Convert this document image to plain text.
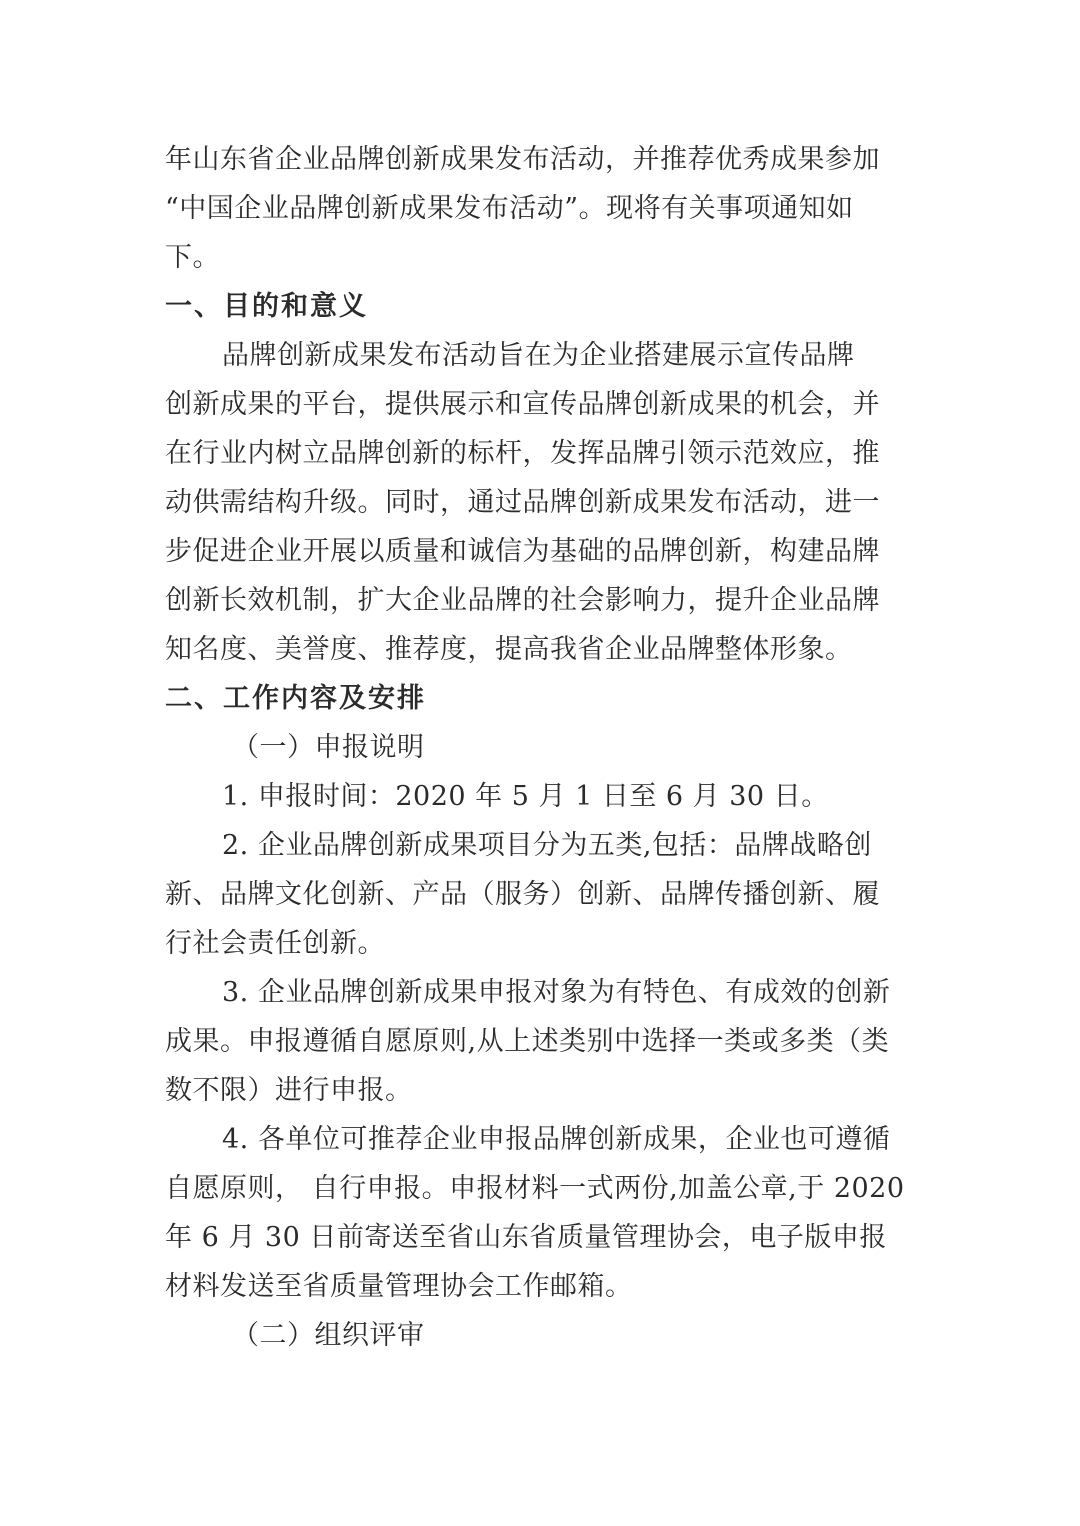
年山东省企业品牌创新成果发布活动，并推荐优秀成果参加
“中国企业品牌创新成果发布活动”。现将有关事项通知如
下。
一、目的和意义
品牌创新成果发布活动旨在为企业搭建展示宣传品牌
创新成果的平台，提供展示和宣传品牌创新成果的机会，并
在行业内树立品牌创新的标杆，发挥品牌引领示范效应，推
动供需结构升级。同时，通过品牌创新成果发布活动，进一
步促进企业开展以质量和诚信为基础的品牌创新，构建品牌
创新长效机制，扩大企业品牌的社会影响力，提升企业品牌
知名度、美誉度、推荐度，提高我省企业品牌整体形象。
二、工作内容及安排
（一）申报说明
1. 申报时间：2020 年 5 月 1 日至 6 月 30 日。
2. 企业品牌创新成果项目分为五类,包括：品牌战略创
新、品牌文化创新、产品（服务）创新、品牌传播创新、履
行社会责任创新。
3. 企业品牌创新成果申报对象为有特色、有成效的创新
成果。申报遵循自愿原则,从上述类别中选择一类或多类（类
数不限）进行申报。
4. 各单位可推荐企业申报品牌创新成果，企业也可遵循
自愿原则， 自行申报。申报材料一式两份,加盖公章,于 2020
年 6 月 30 日前寄送至省山东省质量管理协会，电子版申报
材料发送至省质量管理协会工作邮箱。
（二）组织评审
